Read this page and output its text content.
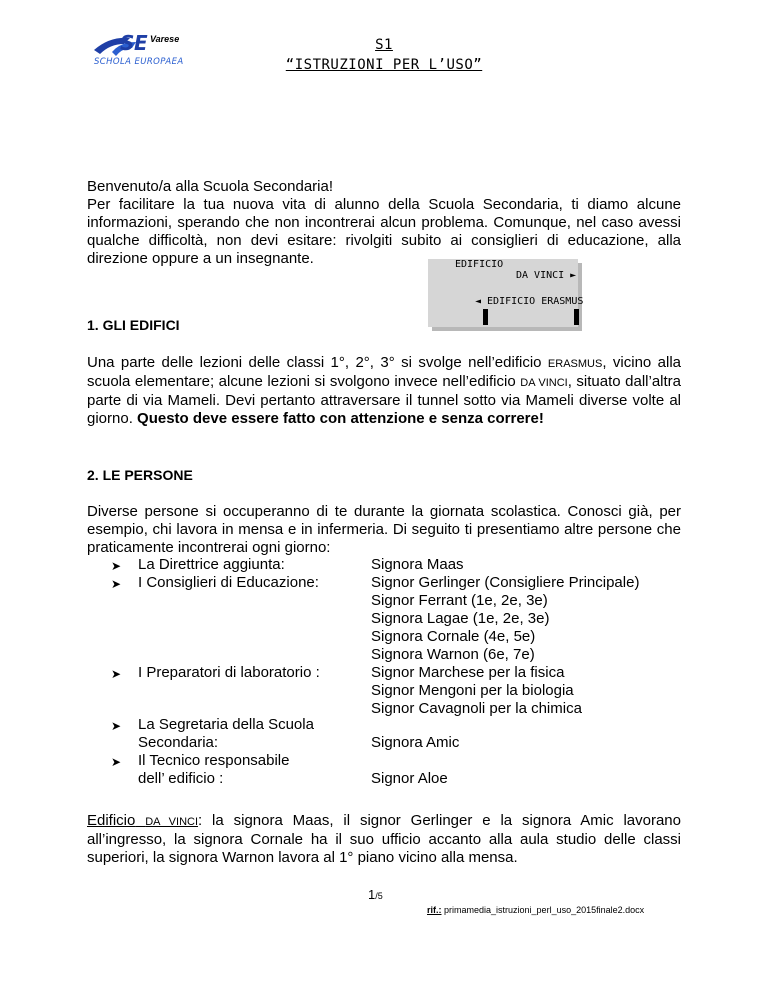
S E
SCHOLA EUROPAEA
Varese	S1
“ISTRUZIONI PER L’USO”
Benvenuto/a alla Scuola Secondaria!
Per facilitare la tua nuova vita di alunno della Scuola Secondaria, ti diamo alcune informazioni, sperando che non incontrerai alcun problema. Comunque, nel caso avessi qualche difficoltà, non devi esitare: rivolgiti subito ai consiglieri di educazione, alla direzione oppure a un insegnante.	EDIFICIO
DA VINCI ►
◄ EDIFICIO ERASMUS
1. GLI EDIFICI
Una parte delle lezioni delle classi 1°, 2°, 3° si svolge nell’edificio ERASMUS, vicino alla scuola elementare; alcune lezioni si svolgono invece nell’edificio DA VINCI, situato dall’altra parte di via Mameli. Devi pertanto attraversare il tunnel sotto via Mameli diverse volte al giorno. Questo deve essere fatto con attenzione e senza correre!
2. LE PERSONE
Diverse persone si occuperanno di te durante la giornata scolastica. Conosci già, per esempio, chi lavora in mensa e in infermeria. Di seguito ti presentiamo altre persone che praticamente incontrerai ogni giorno:
➤ La Direttrice aggiunta:
➤ I Consiglieri di Educazione:
➤ I Preparatori di laboratorio :
➤ La Segretaria della Scuola
Secondaria:
➤ Il Tecnico responsabile
dell’ edificio :
Signora Maas
Signor Gerlinger (Consigliere Principale)
Signor Ferrant (1e, 2e, 3e)
Signora Lagae (1e, 2e, 3e)
Signora Cornale (4e, 5e)
Signora Warnon (6e, 7e)
Signor Marchese per la fisica
Signor Mengoni per la biologia
Signor Cavagnoli per la chimica
Signora Amic
Signor Aloe
Edificio DA VINCI: la signora Maas, il signor Gerlinger e la signora Amic lavorano all’ingresso, la signora Cornale ha il suo ufficio accanto alla aula studio delle classi superiori, la signora Warnon lavora al 1° piano vicino alla mensa.
1/5
rif.: primamedia_istruzioni_perl_uso_2015finale2.docx
